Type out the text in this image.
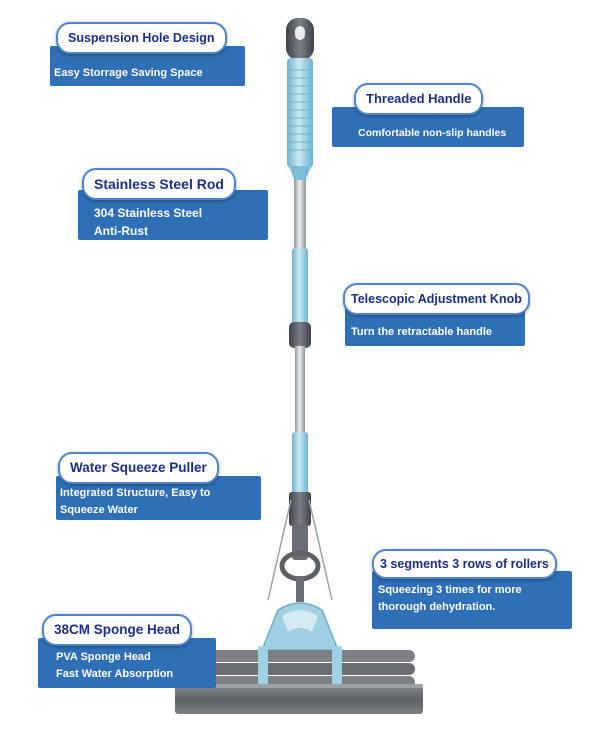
Suspension Hole Design
Easy Storrage Saving Space
Threaded Handle
Comfortable non-slip handles
Stainless Steel Rod
304 Stainless Steel
Anti-Rust
Telescopic Adjustment Knob
Turn the retractable handle
Water Squeeze Puller
Integrated Structure, Easy to
Squeeze Water
3 segments 3 rows of rollers
Squeezing 3 times for more
thorough dehydration.
38CM Sponge Head
PVA Sponge Head
Fast Water Absorption
